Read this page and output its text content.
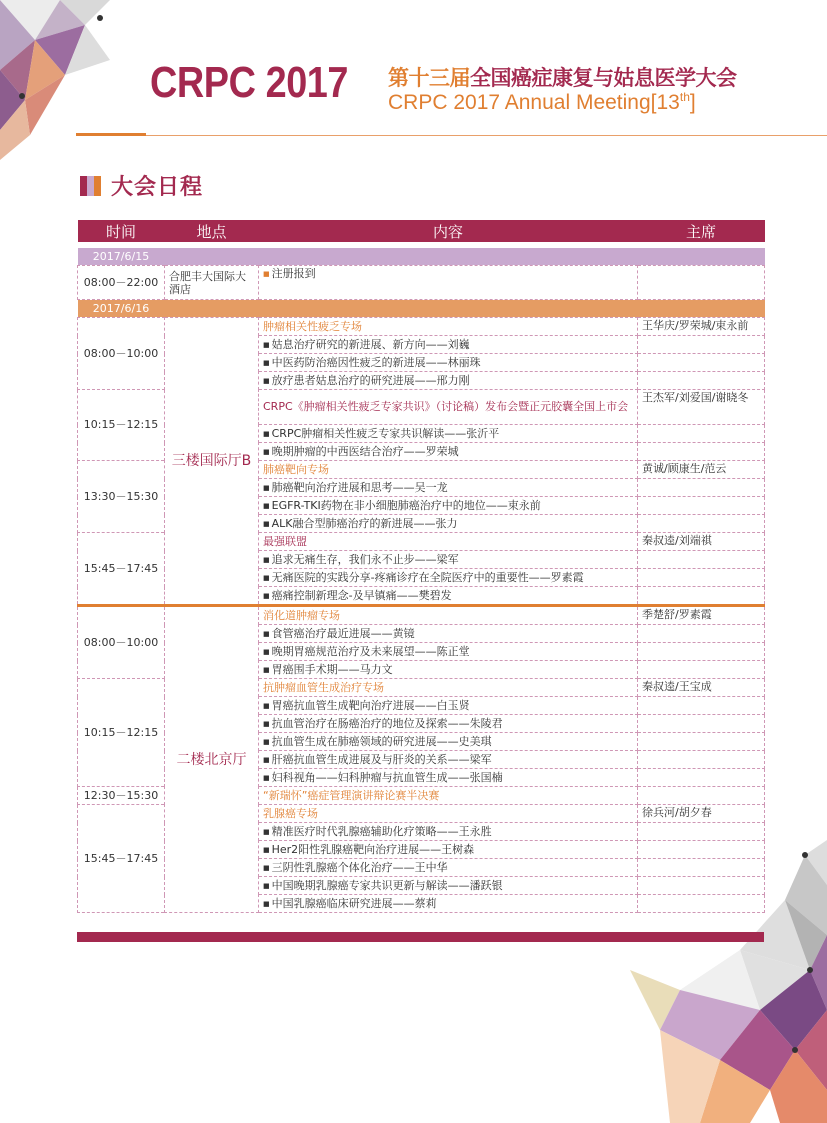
CRPC 2017 第十三届全国癌症康复与姑息医学大会
CRPC 2017 Annual Meeting[13th]
大会日程
时间	地点	内容	主席

2017/6/15			
08:00－22:00	合肥丰大国际大酒店	■ 注册报到	
2017/6/16			
08:00－10:00	三楼国际厅B	肿瘤相关性疲乏专场	王华庆/罗荣城/束永前
		■ 姑息治疗研究的新进展、新方向——刘巍	
		■ 中医药防治癌因性疲乏的新进展——林丽珠	
		■ 放疗患者姑息治疗的研究进展——邢力刚	
10:15－12:15		CRPC《肿瘤相关性疲乏专家共识》（讨论稿）发布会暨正元胶囊全国上市会	王杰军/刘爱国/谢晓冬
		■ CRPC肿瘤相关性疲乏专家共识解读——张沂平	
		■ 晚期肿瘤的中西医结合治疗——罗荣城	
13:30－15:30		肺癌靶向专场	黄诚/顾康生/范云
		■ 肺癌靶向治疗进展和思考——吴一龙	
		■ EGFR-TKI药物在非小细胞肺癌治疗中的地位——束永前	
		■ ALK融合型肺癌治疗的新进展——张力	
15:45－17:45		最强联盟	秦叔逵/刘端祺
		■ 追求无痛生存，我们永不止步——梁军	
		■ 无痛医院的实践分享-疼痛诊疗在全院医疗中的重要性——罗素霞	
		■ 癌痛控制新理念-及早镇痛——樊碧发	
08:00－10:00	二楼北京厅	消化道肿瘤专场	季楚舒/罗素霞
		■ 食管癌治疗最近进展——黄镜	
		■ 晚期胃癌规范治疗及未来展望——陈正堂	
		■ 胃癌围手术期——马力文	
10:15－12:15		抗肿瘤血管生成治疗专场	秦叔逵/王宝成
		■ 胃癌抗血管生成靶向治疗进展——白玉贤	
		■ 抗血管治疗在肠癌治疗的地位及探索——朱陵君	
		■ 抗血管生成在肺癌领域的研究进展——史美琪	
		■ 肝癌抗血管生成进展及与肝炎的关系——梁军	
		■ 妇科视角——妇科肿瘤与抗血管生成——张国楠	
12:30－15:30		“新瑞怀”癌症管理演讲辩论赛半决赛	
15:45－17:45		乳腺癌专场	徐兵河/胡夕春
		■ 精准医疗时代乳腺癌辅助化疗策略——王永胜	
		■ Her2阳性乳腺癌靶向治疗进展——王树森	
		■ 三阴性乳腺癌个体化治疗——王中华	
		■ 中国晚期乳腺癌专家共识更新与解读——潘跃银	
		■ 中国乳腺癌临床研究进展——蔡莉	
